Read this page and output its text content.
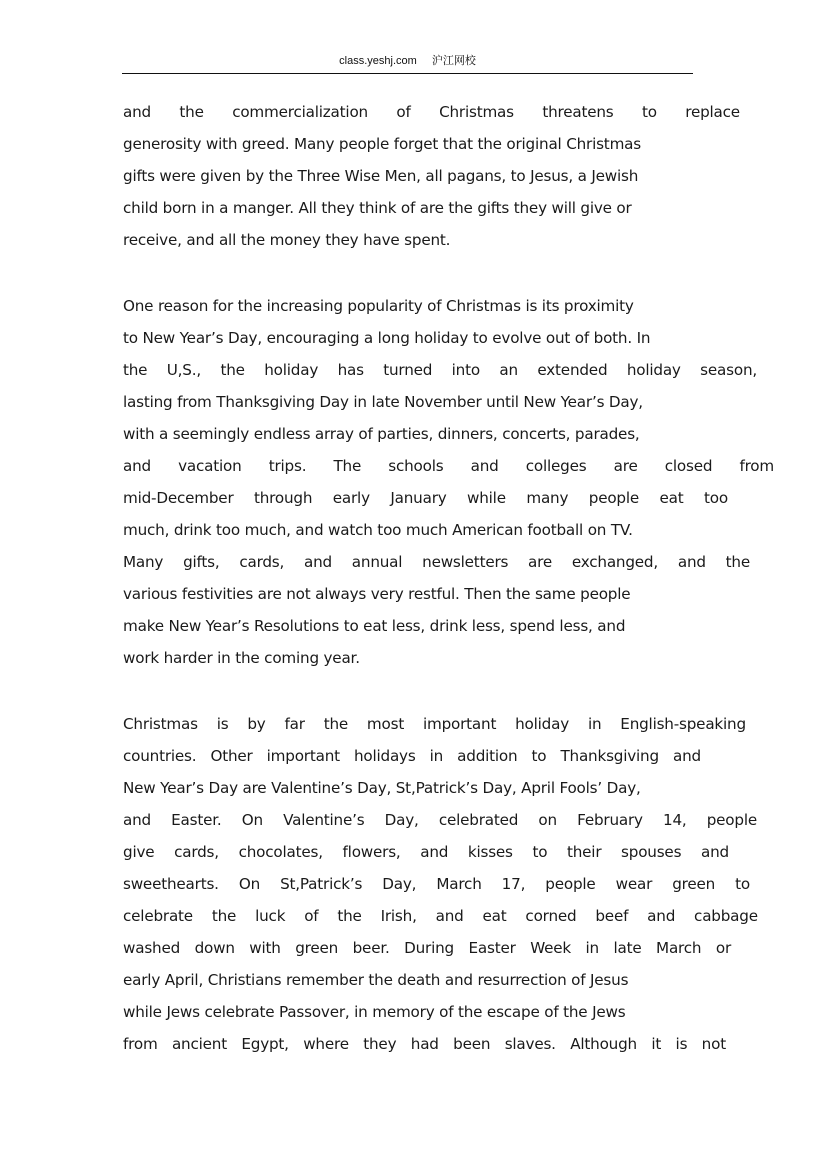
class.yeshj.com 沪江网校
and the commercialization of Christmas threatens to replace
generosity with greed. Many people forget that the original Christmas
gifts were given by the Three Wise Men, all pagans, to Jesus, a Jewish
child born in a manger. All they think of are the gifts they will give or
receive, and all the money they have spent.
One reason for the increasing popularity of Christmas is its proximity
to New Year’s Day, encouraging a long holiday to evolve out of both. In
the U,S., the holiday has turned into an extended holiday season,
lasting from Thanksgiving Day in late November until New Year’s Day,
with a seemingly endless array of parties, dinners, concerts, parades,
and vacation trips. The schools and colleges are closed from
mid-December through early January while many people eat too
much, drink too much, and watch too much American football on TV.
Many gifts, cards, and annual newsletters are exchanged, and the
various festivities are not always very restful. Then the same people
make New Year’s Resolutions to eat less, drink less, spend less, and
work harder in the coming year.
Christmas is by far the most important holiday in English-speaking
countries. Other important holidays in addition to Thanksgiving and
New Year’s Day are Valentine’s Day, St,Patrick’s Day, April Fools’ Day,
and Easter. On Valentine’s Day, celebrated on February 14, people
give cards, chocolates, flowers, and kisses to their spouses and
sweethearts. On St,Patrick’s Day, March 17, people wear green to
celebrate the luck of the Irish, and eat corned beef and cabbage
washed down with green beer. During Easter Week in late March or
early April, Christians remember the death and resurrection of Jesus
while Jews celebrate Passover, in memory of the escape of the Jews
from ancient Egypt, where they had been slaves. Although it is not
